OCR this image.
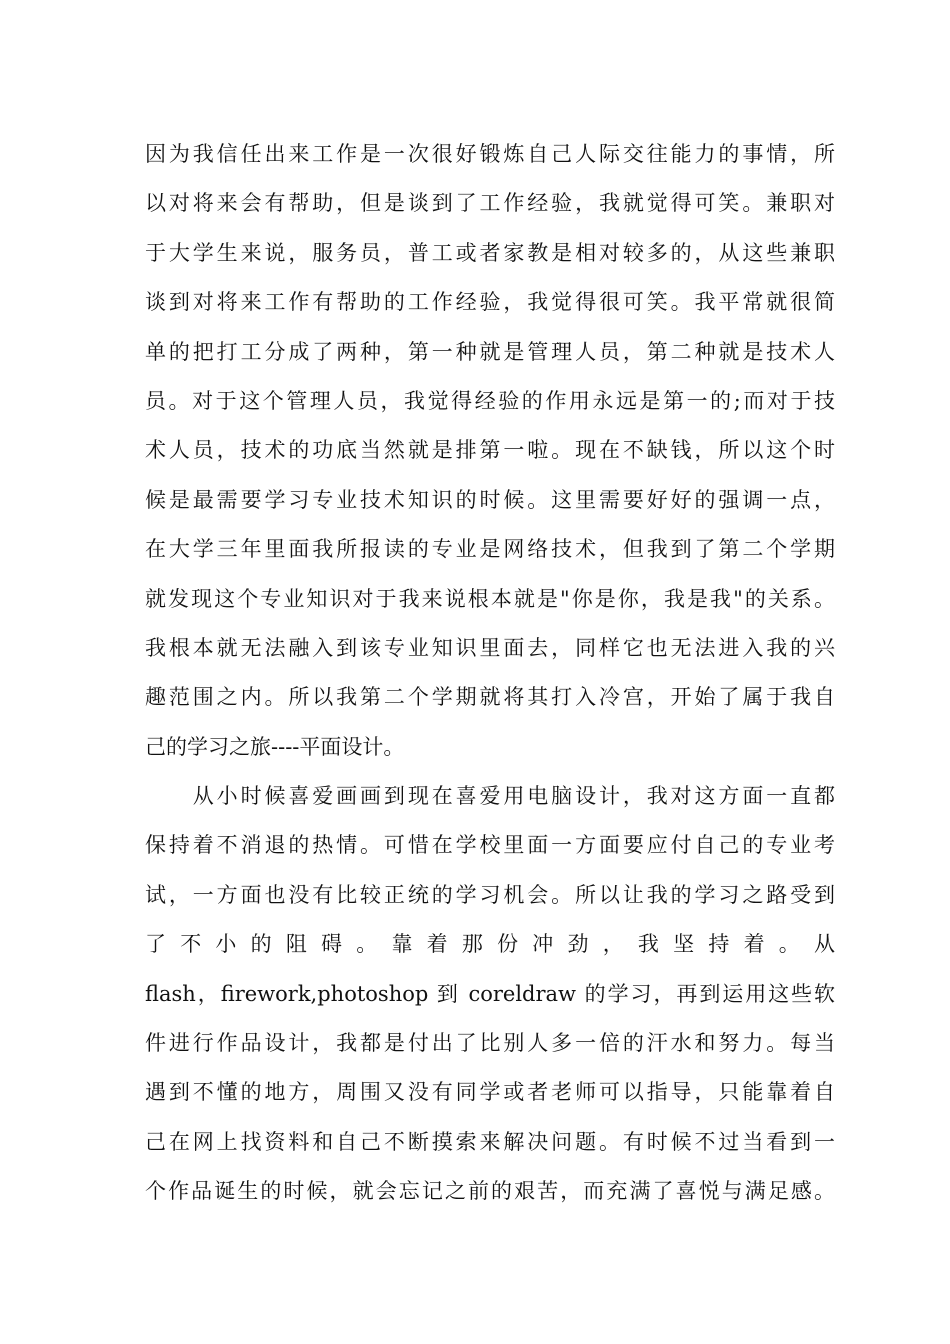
因为我信任出来工作是一次很好锻炼自己人际交往能力的事情，所
以对将来会有帮助，但是谈到了工作经验，我就觉得可笑。兼职对
于大学生来说，服务员，普工或者家教是相对较多的，从这些兼职
谈到对将来工作有帮助的工作经验，我觉得很可笑。我平常就很简
单的把打工分成了两种，第一种就是管理人员，第二种就是技术人
员。对于这个管理人员，我觉得经验的作用永远是第一的;而对于技
术人员，技术的功底当然就是排第一啦。现在不缺钱，所以这个时
候是最需要学习专业技术知识的时候。这里需要好好的强调一点，
在大学三年里面我所报读的专业是网络技术，但我到了第二个学期
就发现这个专业知识对于我来说根本就是"你是你，我是我"的关系。
我根本就无法融入到该专业知识里面去，同样它也无法进入我的兴
趣范围之内。所以我第二个学期就将其打入冷宫，开始了属于我自
己的学习之旅----平面设计。
　　从小时候喜爱画画到现在喜爱用电脑设计，我对这方面一直都
保持着不消退的热情。可惜在学校里面一方面要应付自己的专业考
试，一方面也没有比较正统的学习机会。所以让我的学习之路受到
了 不 小 的 阻 碍 。 靠 着 那 份 冲 劲 ， 我 坚 持 着 。 从
flash，firework,photoshop 到 coreldraw 的学习，再到运用这些软
件进行作品设计，我都是付出了比别人多一倍的汗水和努力。每当
遇到不懂的地方，周围又没有同学或者老师可以指导，只能靠着自
己在网上找资料和自己不断摸索来解决问题。有时候不过当看到一
个作品诞生的时候，就会忘记之前的艰苦，而充满了喜悦与满足感。
